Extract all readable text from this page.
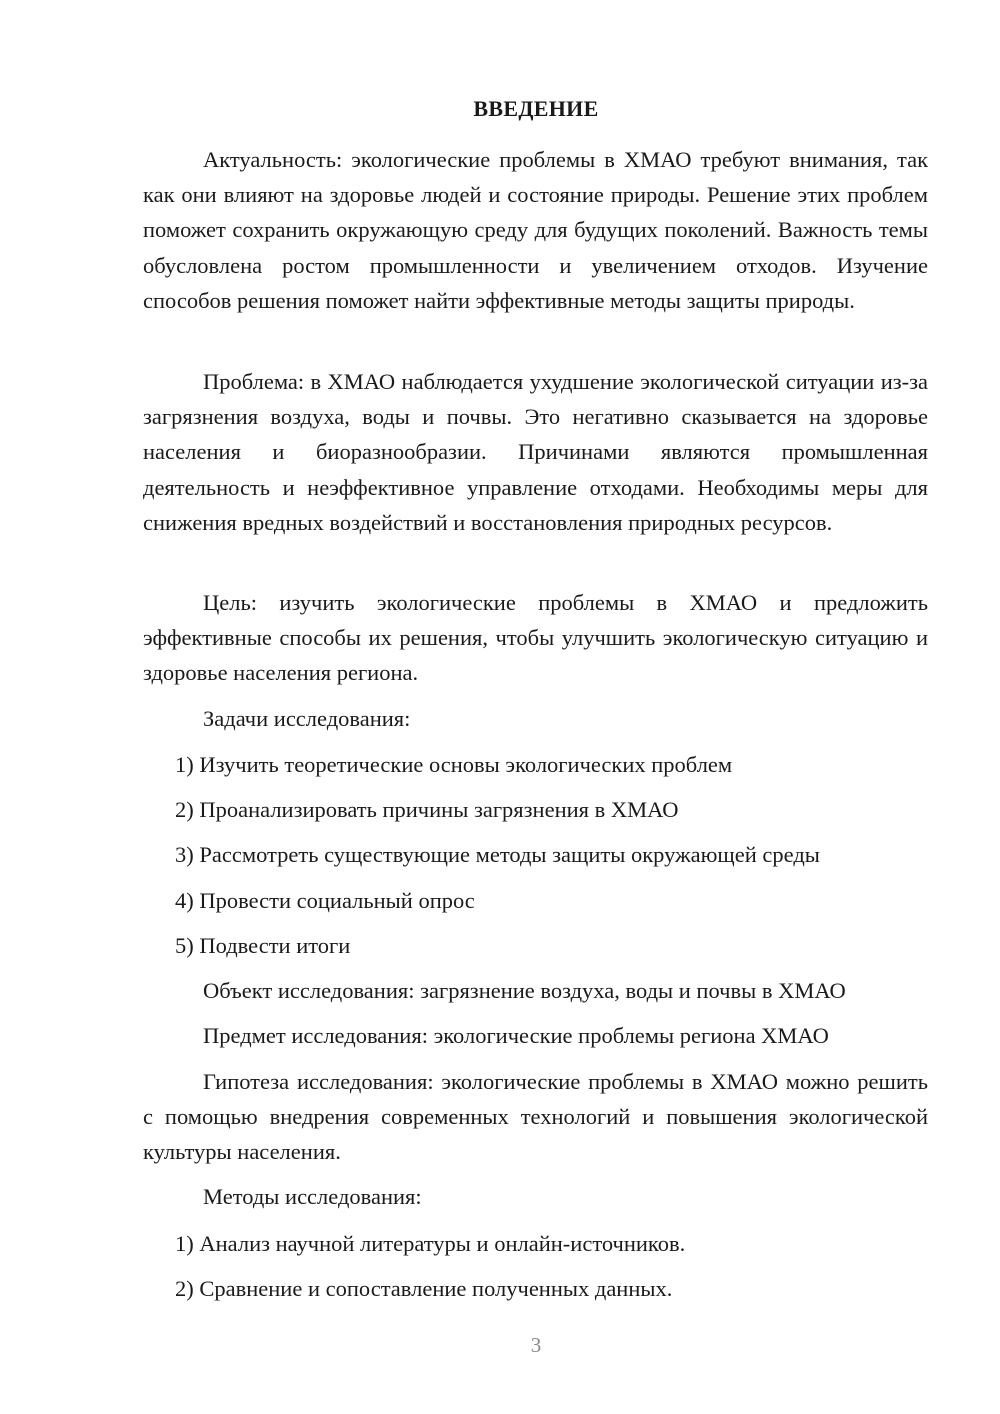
ВВЕДЕНИЕ

Актуальность: экологические проблемы в ХМАО требуют внимания, так как они влияют на здоровье людей и состояние природы. Решение этих проблем поможет сохранить окружающую среду для будущих поколений. Важность темы обусловлена ростом промышленности и увеличением отходов. Изучение способов решения поможет найти эффективные методы защиты природы.

Проблема: в ХМАО наблюдается ухудшение экологической ситуации из-за загрязнения воздуха, воды и почвы. Это негативно сказывается на здоровье населения и биоразнообразии. Причинами являются промышленная деятельность и неэффективное управление отходами. Необходимы меры для снижения вредных воздействий и восстановления природных ресурсов.

Цель: изучить экологические проблемы в ХМАО и предложить эффективные способы их решения, чтобы улучшить экологическую ситуацию и здоровье населения региона.

Задачи исследования:

1) Изучить теоретические основы экологических проблем

2) Проанализировать причины загрязнения в ХМАО

3) Рассмотреть существующие методы защиты окружающей среды

4) Провести социальный опрос

5) Подвести итоги

Объект исследования: загрязнение воздуха, воды и почвы в ХМАО

Предмет исследования: экологические проблемы региона ХМАО

Гипотеза исследования: экологические проблемы в ХМАО можно решить с помощью внедрения современных технологий и повышения экологической культуры населения.

Методы исследования:

1) Анализ научной литературы и онлайн-источников.

2) Сравнение и сопоставление полученных данных.

3
